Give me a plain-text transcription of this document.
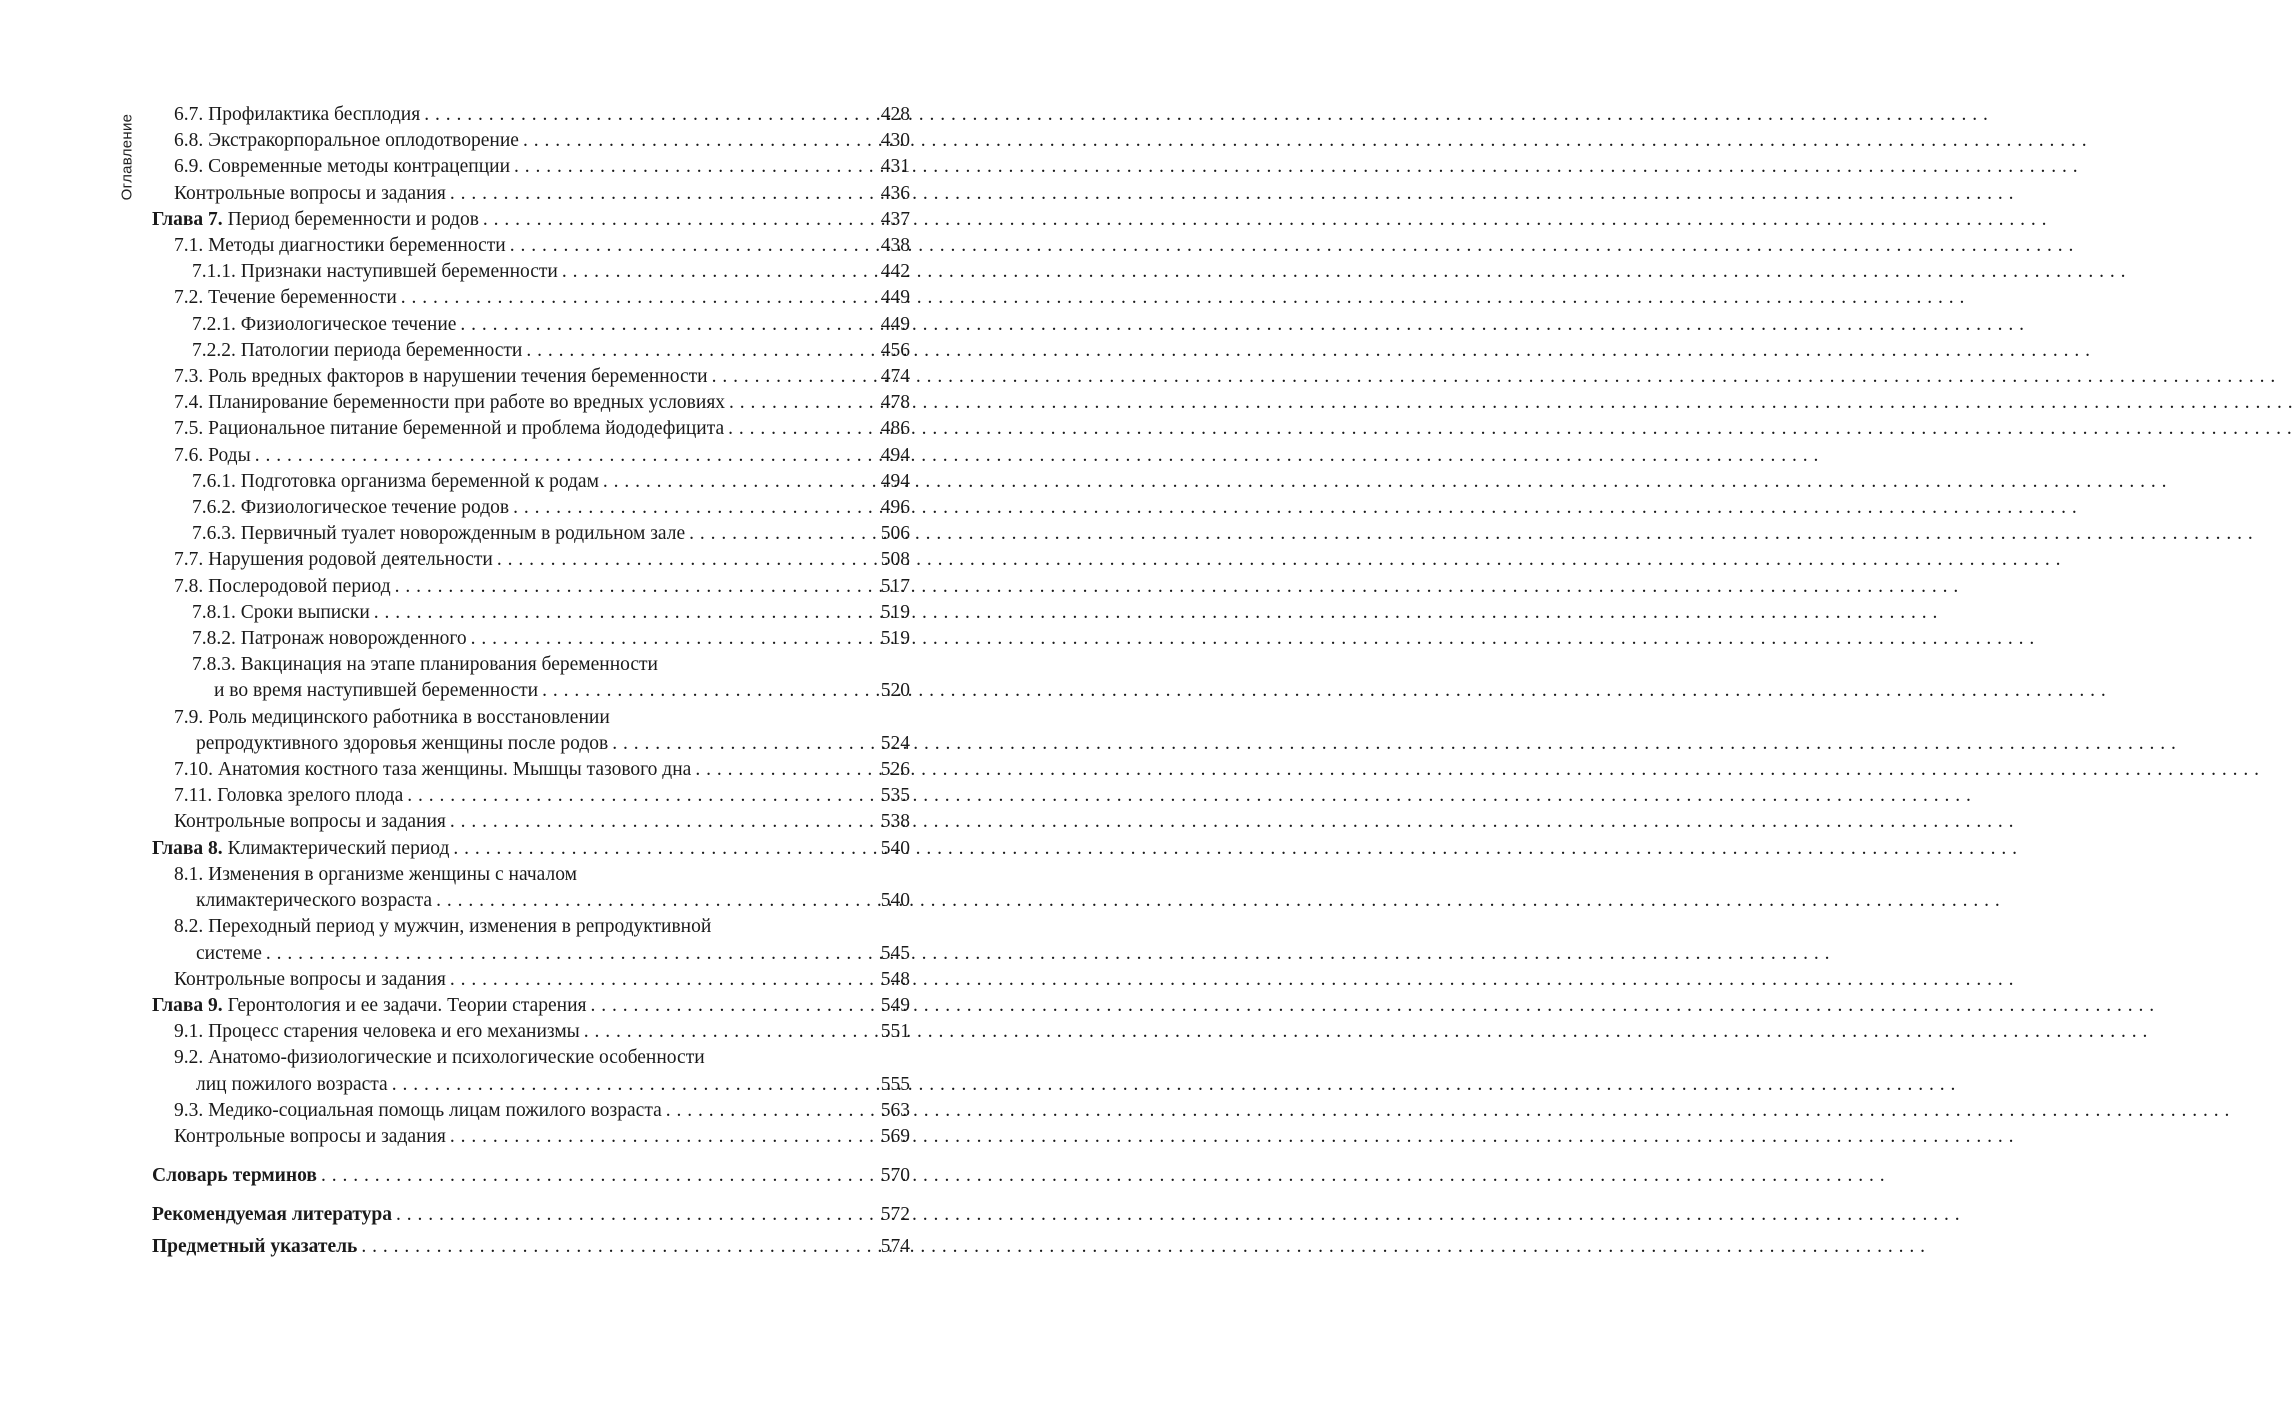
Оглавление 6.7. Профилактика бесплодия . . .	428
6.8. Экстракорпоральное оплодотворение . . .	430
6.9. Современные методы контрацепции . . .	431
Контрольные вопросы и задания . . .	436
Глава 7. Период беременности и родов . . .	437
7.1. Методы диагностики беременности . . .	438
7.1.1. Признаки наступившей беременности . . .	442
7.2. Течение беременности . . .	449
7.2.1. Физиологическое течение . . .	449
7.2.2. Патологии периода беременности . . .	456
7.3. Роль вредных факторов в нарушении течения беременности . . .	474
7.4. Планирование беременности при работе во вредных условиях . . .	478
7.5. Рациональное питание беременной и проблема йододефицита . . .	486
7.6. Роды . . .	494
7.6.1. Подготовка организма беременной к родам . . .	494
7.6.2. Физиологическое течение родов . . .	496
7.6.3. Первичный туалет новорожденным в родильном зале . . .	506
7.7. Нарушения родовой деятельности . . .	508
7.8. Послеродовой период . . .	517
7.8.1. Сроки выписки . . .	519
7.8.2. Патронаж новорожденного . . .	519
7.8.3. Вакцинация на этапе планирования беременности
и во время наступившей беременности . . .	520
7.9. Роль медицинского работника в восстановлении
репродуктивного здоровья женщины после родов . . .	524
7.10. Анатомия костного таза женщины. Мышцы тазового дна . . .	526
7.11. Головка зрелого плода . . .	535
Контрольные вопросы и задания . . .	538
Глава 8. Климактерический период . . .	540
8.1. Изменения в организме женщины с началом
климактерического возраста . . .	540
8.2. Переходный период у мужчин, изменения в репродуктивной
системе . . .	545
Контрольные вопросы и задания . . .	548
Глава 9. Геронтология и ее задачи. Теории старения . . .	549
9.1. Процесс старения человека и его механизмы . . .	551
9.2. Анатомо-физиологические и психологические особенности
лиц пожилого возраста . . .	555
9.3. Медико-социальная помощь лицам пожилого возраста . . .	563
Контрольные вопросы и задания . . .	569
Словарь терминов . . .	570
Рекомендуемая литература . . .	572
Предметный указатель . . .	574
